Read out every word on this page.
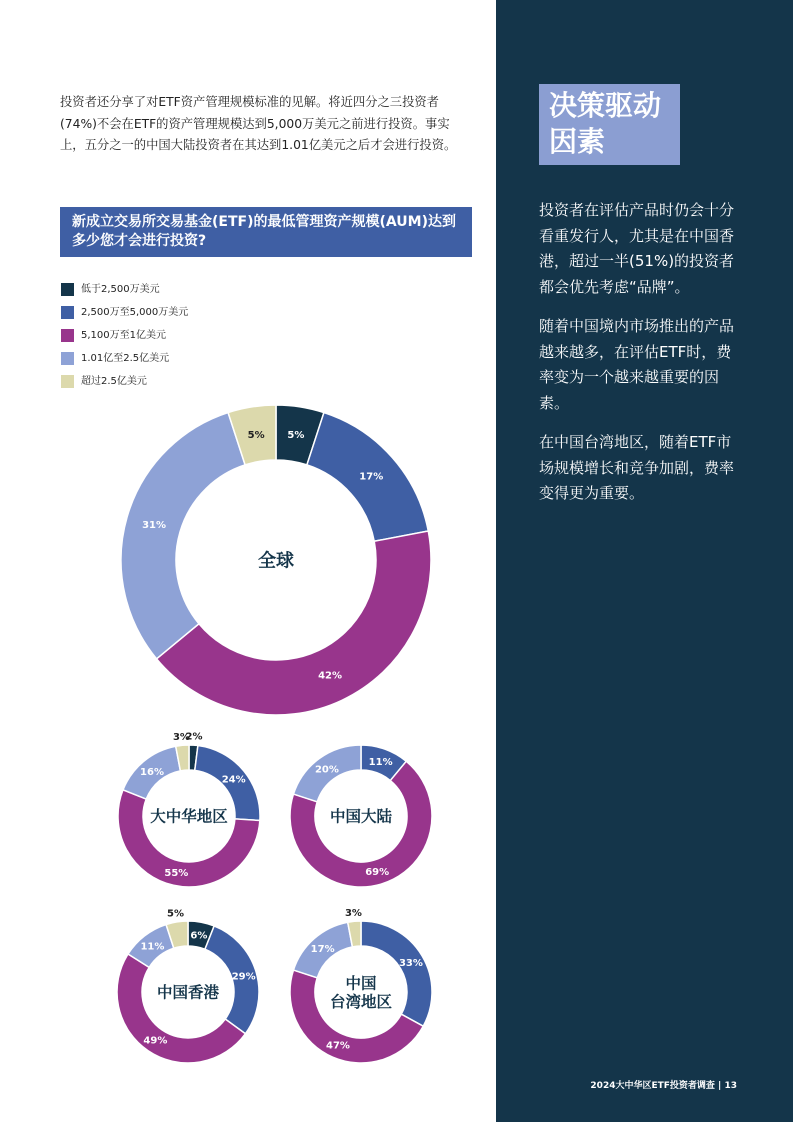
投资者还分享了对ETF资产管理规模标准的见解。将近四分之三投资者(74%)不会在ETF的资产管理规模达到5,000万美元之前进行投资。事实上，五分之一的中国大陆投资者在其达到1.01亿美元之后才会进行投资。
新成立交易所交易基金(ETF)的最低管理资产规模(AUM)达到多少您才会进行投资?
低于2,500万美元
2,500万至5,000万美元
5,100万至1亿美元
1.01亿至2.5亿美元
超过2.5亿美元
5%
17%
42%
31%
5%
全球
2%
24%
55%
16%
3%
大中华地区
11%
69%
20%
中国大陆
6%
29%
49%
11%
5%
中国香港
33%
47%
17%
3%
中国
台湾地区
决策驱动因素

投资者在评估产品时仍会十分看重发行人，尤其是在中国香港，超过一半(51%)的投资者都会优先考虑“品牌”。

随着中国境内市场推出的产品越来越多，在评估ETF时，费率变为一个越来越重要的因素。

在中国台湾地区，随着ETF市场规模增长和竞争加剧，费率变得更为重要。

2024大中华区ETF投资者调查 | 13
